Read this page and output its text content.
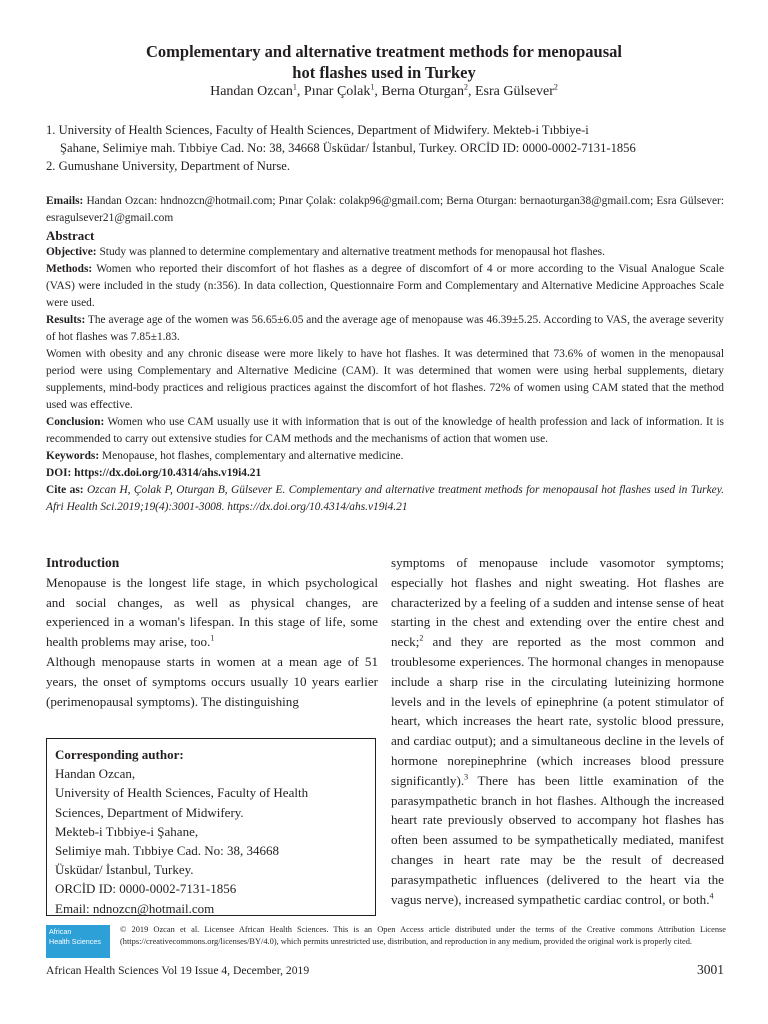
Complementary and alternative treatment methods for menopausal
hot flashes used in Turkey
Handan Ozcan$^1$, Pınar Çolak$^1$, Berna Oturgan$^2$, Esra Gülsever$^2$
1. University of Health Sciences, Faculty of Health Sciences, Department of Midwifery. Mekteb-i Tıbbiye-i
Şahane, Selimiye mah. Tıbbiye Cad. No: 38, 34668 Üsküdar/ İstanbul, Turkey. ORCİD ID: 0000-0002-7131-1856
2. Gumushane University, Department of Nurse.

Emails: Handan Ozcan: hndnozcn@hotmail.com; Pınar Çolak: colakp96@gmail.com; Berna Oturgan: bernaoturgan38@gmail.com; Esra Gülsever: esragulsever21@gmail.com

Abstract

Objective: Study was planned to determine complementary and alternative treatment methods for menopausal hot flashes.

Methods: Women who reported their discomfort of hot flashes as a degree of discomfort of 4 or more according to the Visual Analogue Scale (VAS) were included in the study (n:356). In data collection, Questionnaire Form and Complementary and Alternative Medicine Approaches Scale were used.

Results: The average age of the women was 56.65±6.05 and the average age of menopause was 46.39±5.25. According to VAS, the average severity of hot flashes was 7.85±1.83.

Women with obesity and any chronic disease were more likely to have hot flashes. It was determined that 73.6% of women in the menopausal period were using Complementary and Alternative Medicine (CAM). It was determined that women were using herbal supplements, dietary supplements, mind-body practices and religious practices against the discomfort of hot flashes. 72% of women using CAM stated that the method used was effective.

Conclusion: Women who use CAM usually use it with information that is out of the knowledge of health profession and lack of information. It is recommended to carry out extensive studies for CAM methods and the mechanisms of action that women use.

Keywords: Menopause, hot flashes, complementary and alternative medicine.

DOI: https://dx.doi.org/10.4314/ahs.v19i4.21

Cite as: Ozcan H, Çolak P, Oturgan B, Gülsever E. Complementary and alternative treatment methods for menopausal hot flashes used in Turkey. Afri Health Sci.2019;19(4):3001-3008. https://dx.doi.org/10.4314/ahs.v19i4.21

Introduction

Menopause is the longest life stage, in which psychological and social changes, as well as physical changes, are experienced in a woman's lifespan. In this stage of life, some health problems may arise, too.$^1$

Although menopause starts in women at a mean age of 51 years, the onset of symptoms occurs usually 10 years earlier (perimenopausal symptoms). The distinguishing

symptoms of menopause include vasomotor symptoms; especially hot flashes and night sweating. Hot flashes are characterized by a feeling of a sudden and intense sense of heat starting in the chest and extending over the entire chest and neck;$^2$ and they are reported as the most common and troublesome experiences. The hormonal changes in menopause include a sharp rise in the circulating luteinizing hormone levels and in the levels of epinephrine (a potent stimulator of heart, which increases the heart rate, systolic blood pressure, and cardiac output); and a simultaneous decline in the levels of hormone norepinephrine (which increases blood pressure significantly).$^3$ There has been little examination of the parasympathetic branch in hot flashes. Although the increased heart rate previously observed to accompany hot flashes has often been assumed to be sympathetically mediated, manifest changes in heart rate may be the result of decreased parasympathetic influences (delivered to the heart via the vagus nerve), increased sympathetic cardiac control, or both.$^4$

Corresponding author:
Handan Ozcan,
University of Health Sciences, Faculty of Health
Sciences, Department of Midwifery.
Mekteb-i Tıbbiye-i Şahane,
Selimiye mah. Tıbbiye Cad. No: 38, 34668
Üsküdar/ İstanbul, Turkey.
ORCİD ID: 0000-0002-7131-1856
Email: ndnozcn@hotmail.com
African
Health Sciences
© 2019 Ozcan et al. Licensee African Health Sciences. This is an Open Access article distributed under the terms of the Creative commons Attribution License (https://creativecommons.org/licenses/BY/4.0), which permits unrestricted use, distribution, and reproduction in any medium, provided the original work is properly cited.
African Health Sciences Vol 19 Issue 4, December, 2019	3001
